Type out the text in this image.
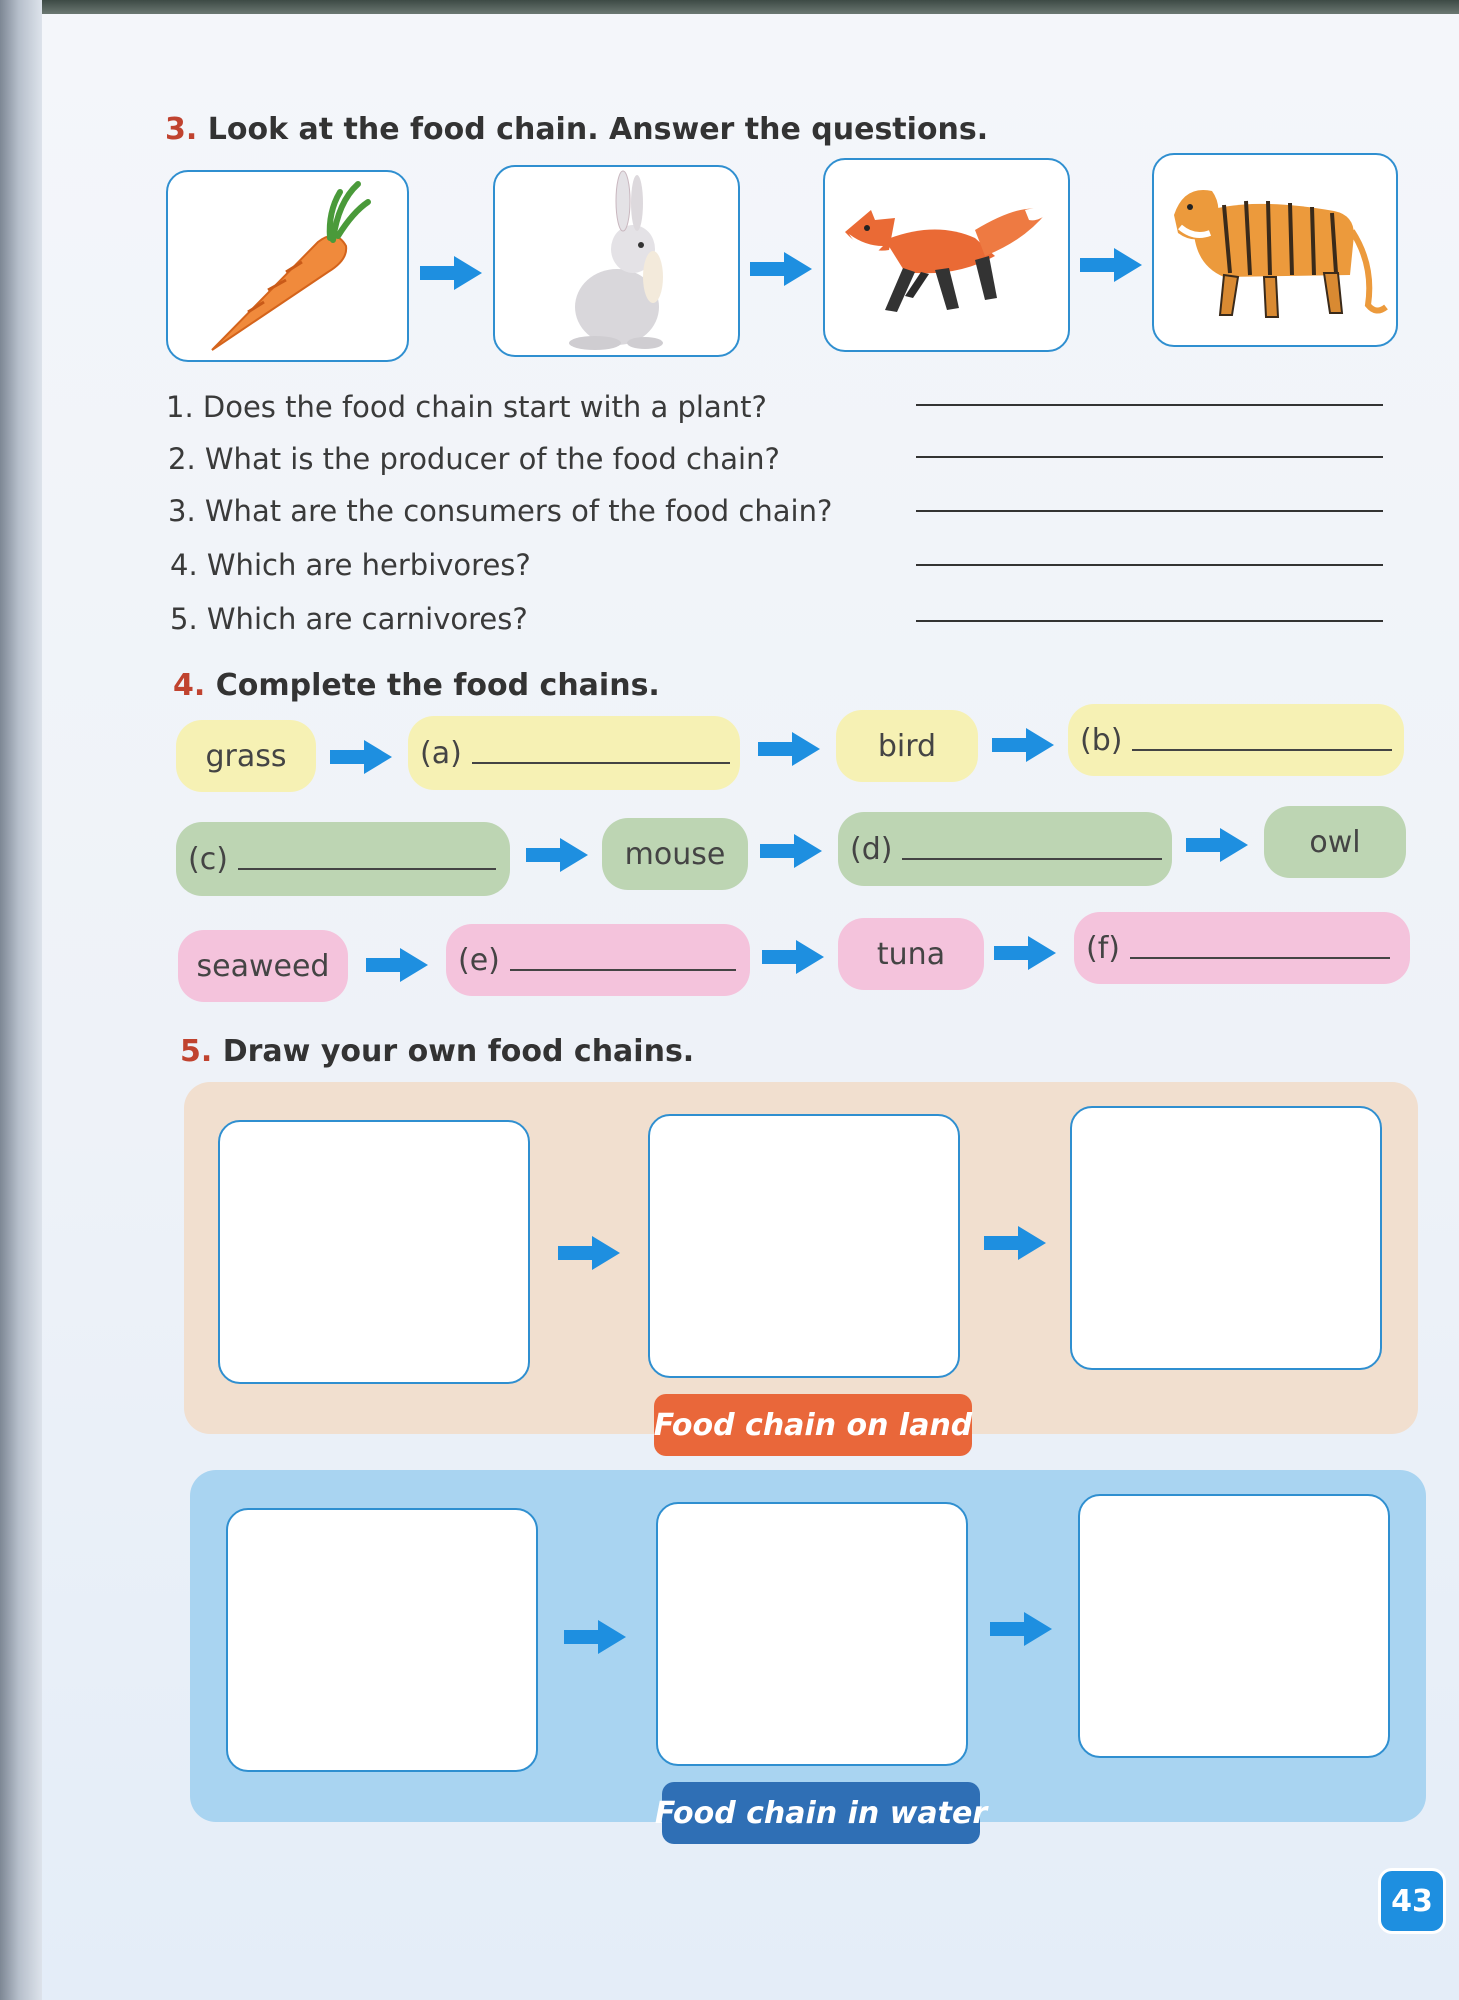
3. Look at the food chain. Answer the questions.
1. Does the food chain start with a plant?
2. What is the producer of the food chain?
3. What are the consumers of the food chain?
4. Which are herbivores?
5. Which are carnivores?
4. Complete the food chains.
grass	(a)	bird	(b)
(c)	mouse	(d)	owl
seaweed	(e)	tuna	(f)
5. Draw your own food chains.
Food chain on land
Food chain in water
43
